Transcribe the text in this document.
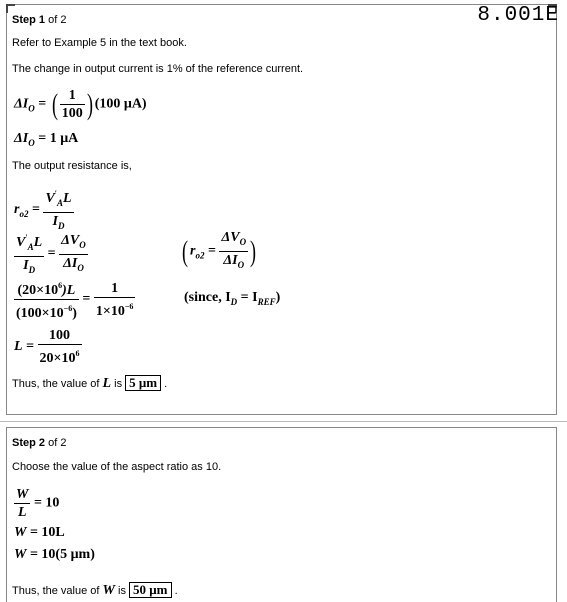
Step 1 of 2	8.001E
Refer to Example 5 in the text book.
The change in output current is 1% of the reference current.
$\Delta I_O$ = ( $\frac{1}{100}$ ) (100 μA)
$\Delta I_O = 1$ μA
The output resistance is,
$r_{o2} = \frac{V'_AL}{I_D}$
$\frac{V'_AL}{I_D} = \frac{\Delta V_O}{\Delta I_O}$	( $r_{o2} = \frac{\Delta V_O}{\Delta I_O}$ )
$\frac{(20\times 10^6)L}{(100\times 10^{-6})} = \frac{1}{1\times 10^{-6}}$	(since, $I_D = I_{REF}$)
$L = \frac{100}{20\times 10^6}$
Thus, the value of L is 5 μm .
Step 2 of 2
Choose the value of the aspect ratio as 10.
$\frac{W}{L} = 10$
W = 10L
W = 10(5 μm)
Thus, the value of W is 50 μm .
